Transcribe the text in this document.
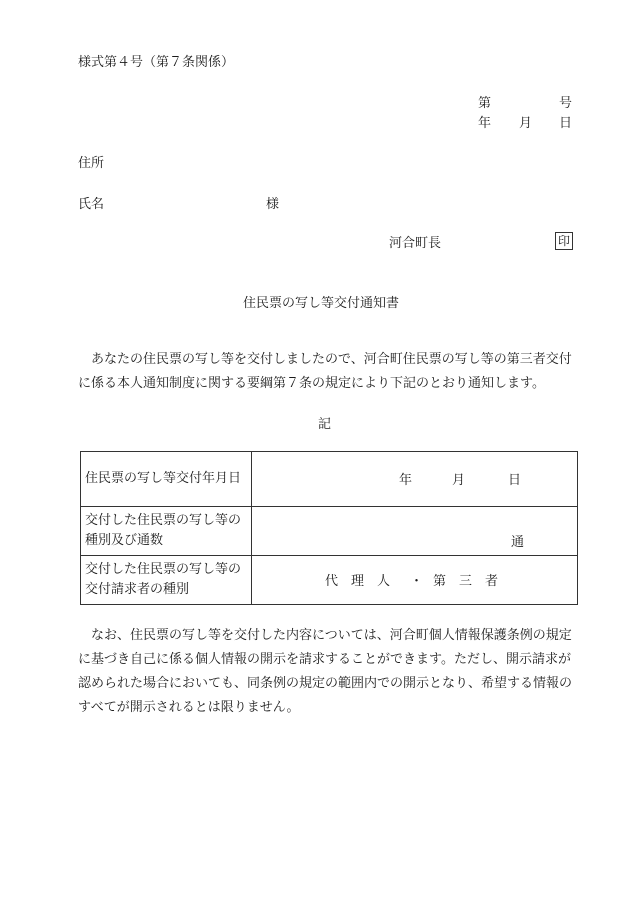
様式第４号（第７条関係）
第	号
年 月 日
住所
氏名	様
河合町長	印
住民票の写し等交付通知書
あなたの住民票の写し等を交付しましたので、河合町住民票の写し等の第三者交付に係る本人通知制度に関する要綱第７条の規定により下記のとおり通知します。
記
住民票の写し等交付年月日	年 月 日

交付した住民票の写し等の種別及び通数	通

交付した住民票の写し等の交付請求者の種別	代　理　人 ・ 第　三　者
なお、住民票の写し等を交付した内容については、河合町個人情報保護条例の規定に基づき自己に係る個人情報の開示を請求することができます。ただし、開示請求が認められた場合においても、同条例の規定の範囲内での開示となり、希望する情報のすべてが開示されるとは限りません。
